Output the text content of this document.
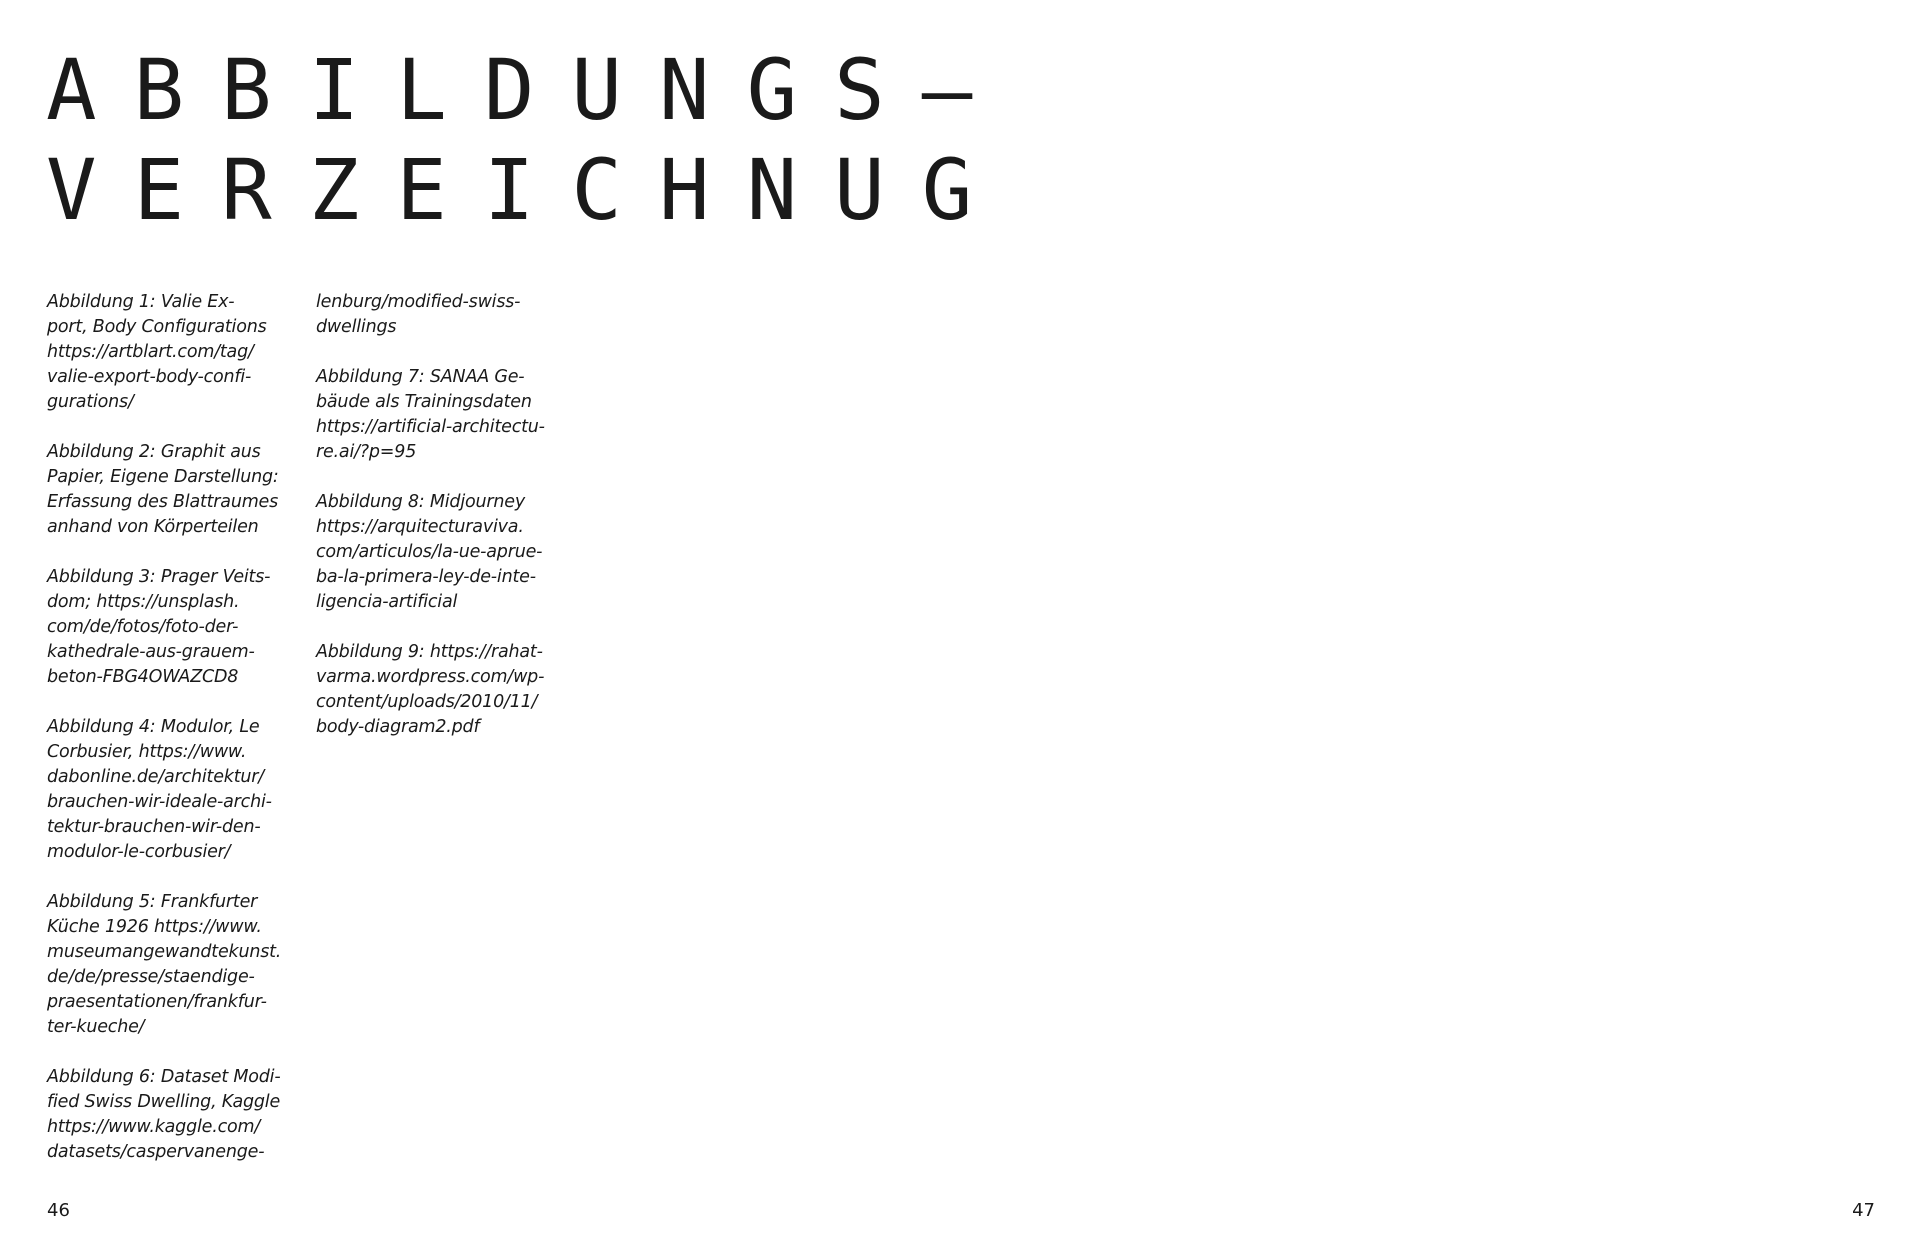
ABBILDUNGS–
VERZEICHNUG
Abbildung 1: Valie Ex-
port, Body Configurations
https://artblart.com/tag/
valie-export-body-confi-
gurations/
Abbildung 2: Graphit aus
Papier, Eigene Darstellung:
Erfassung des Blattraumes
anhand von Körperteilen
Abbildung 3: Prager Veits-
dom; https://unsplash.
com/de/fotos/foto-der-
kathedrale-aus-grauem-
beton-FBG4OWAZCD8
Abbildung 4: Modulor, Le
Corbusier, https://www.
dabonline.de/architektur/
brauchen-wir-ideale-archi-
tektur-brauchen-wir-den-
modulor-le-corbusier/
Abbildung 5: Frankfurter
Küche 1926 https://www.
museumangewandtekunst.
de/de/presse/staendige-
praesentationen/frankfur-
ter-kueche/
Abbildung 6: Dataset Modi-
fied Swiss Dwelling, Kaggle
https://www.kaggle.com/
datasets/caspervanenge-
lenburg/modified-swiss-
dwellings
Abbildung 7: SANAA Ge-
bäude als Trainingsdaten
https://artificial-architectu-
re.ai/?p=95
Abbildung 8: Midjourney
https://arquitecturaviva.
com/articulos/la-ue-aprue-
ba-la-primera-ley-de-inte-
ligencia-artificial
Abbildung 9: https://rahat-
varma.wordpress.com/wp-
content/uploads/2010/11/
body-diagram2.pdf
46	47
